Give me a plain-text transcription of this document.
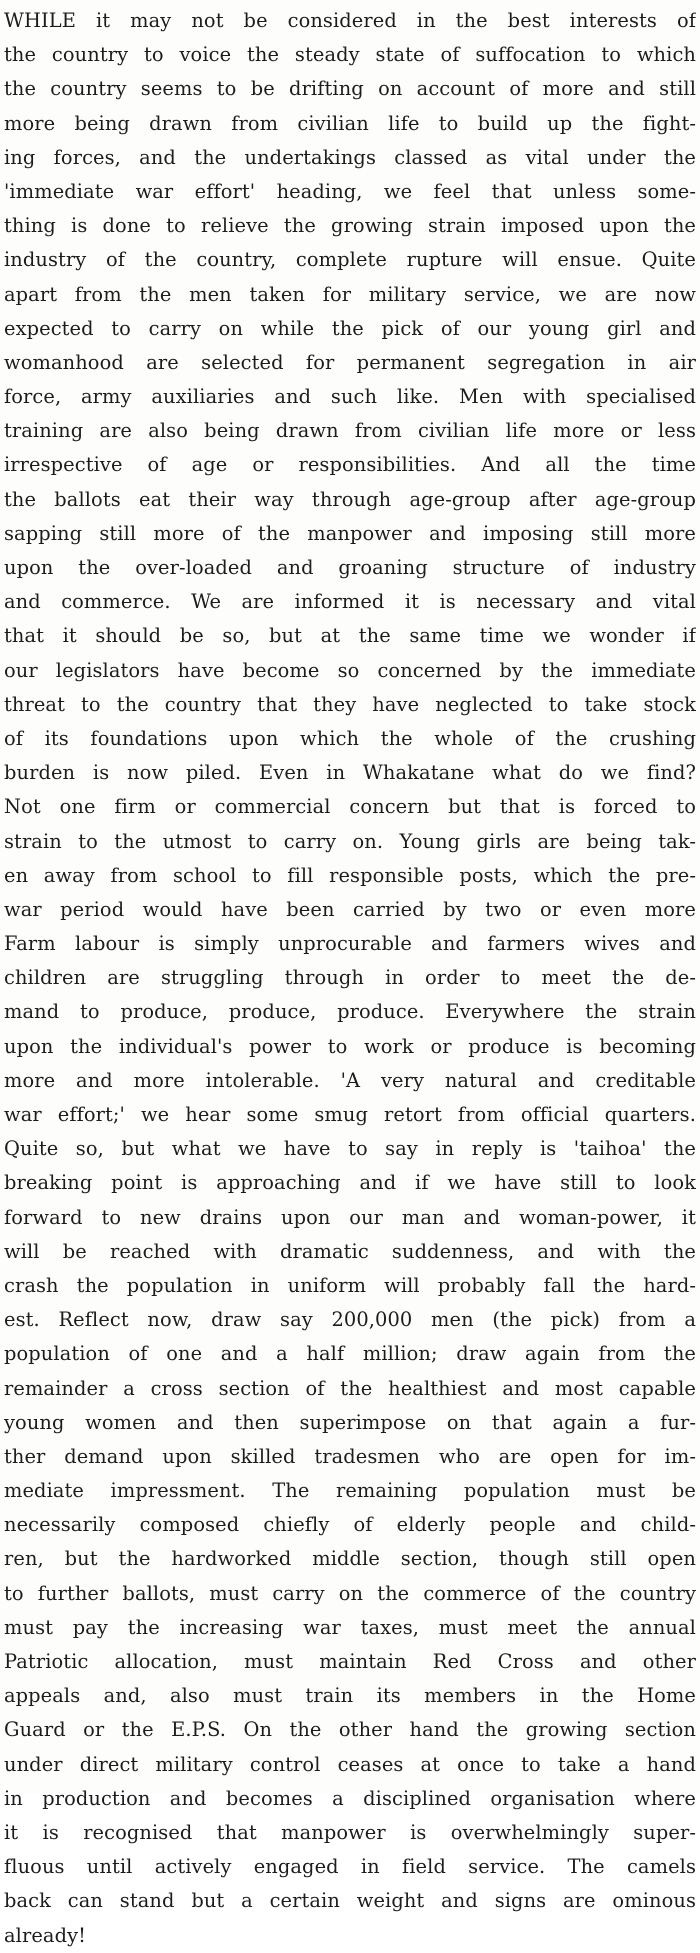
WHILE it may not be considered in the best interests of
the country to voice the steady state of suffocation to which
the country seems to be drifting on account of more and still
more being drawn from civilian life to build up the fight-
ing forces, and the undertakings classed as vital under the
'immediate war effort' heading, we feel that unless some-
thing is done to relieve the growing strain imposed upon the
industry of the country, complete rupture will ensue. Quite
apart from the men taken for military service, we are now
expected to carry on while the pick of our young girl and
womanhood are selected for permanent segregation in air
force, army auxiliaries and such like. Men with specialised
training are also being drawn from civilian life more or less
irrespective of age or responsibilities. And all the time
the ballots eat their way through age-group after age-group
sapping still more of the manpower and imposing still more
upon the over-loaded and groaning structure of industry
and commerce. We are informed it is necessary and vital
that it should be so, but at the same time we wonder if
our legislators have become so concerned by the immediate
threat to the country that they have neglected to take stock
of its foundations upon which the whole of the crushing
burden is now piled. Even in Whakatane what do we find?
Not one firm or commercial concern but that is forced to
strain to the utmost to carry on. Young girls are being tak-
en away from school to fill responsible posts, which the pre-
war period would have been carried by two or even more
Farm labour is simply unprocurable and farmers wives and
children are struggling through in order to meet the de-
mand to produce, produce, produce. Everywhere the strain
upon the individual's power to work or produce is becoming
more and more intolerable. 'A very natural and creditable
war effort;' we hear some smug retort from official quarters.
Quite so, but what we have to say in reply is 'taihoa' the
breaking point is approaching and if we have still to look
forward to new drains upon our man and woman-power, it
will be reached with dramatic suddenness, and with the
crash the population in uniform will probably fall the hard-
est. Reflect now, draw say 200,000 men (the pick) from a
population of one and a half million; draw again from the
remainder a cross section of the healthiest and most capable
young women and then superimpose on that again a fur-
ther demand upon skilled tradesmen who are open for im-
mediate impressment. The remaining population must be
necessarily composed chiefly of elderly people and child-
ren, but the hardworked middle section, though still open
to further ballots, must carry on the commerce of the country
must pay the increasing war taxes, must meet the annual
Patriotic allocation, must maintain Red Cross and other
appeals and, also must train its members in the Home
Guard or the E.P.S. On the other hand the growing section
under direct military control ceases at once to take a hand
in production and becomes a disciplined organisation where
it is recognised that manpower is overwhelmingly super-
fluous until actively engaged in field service. The camels
back can stand but a certain weight and signs are ominous
already!
